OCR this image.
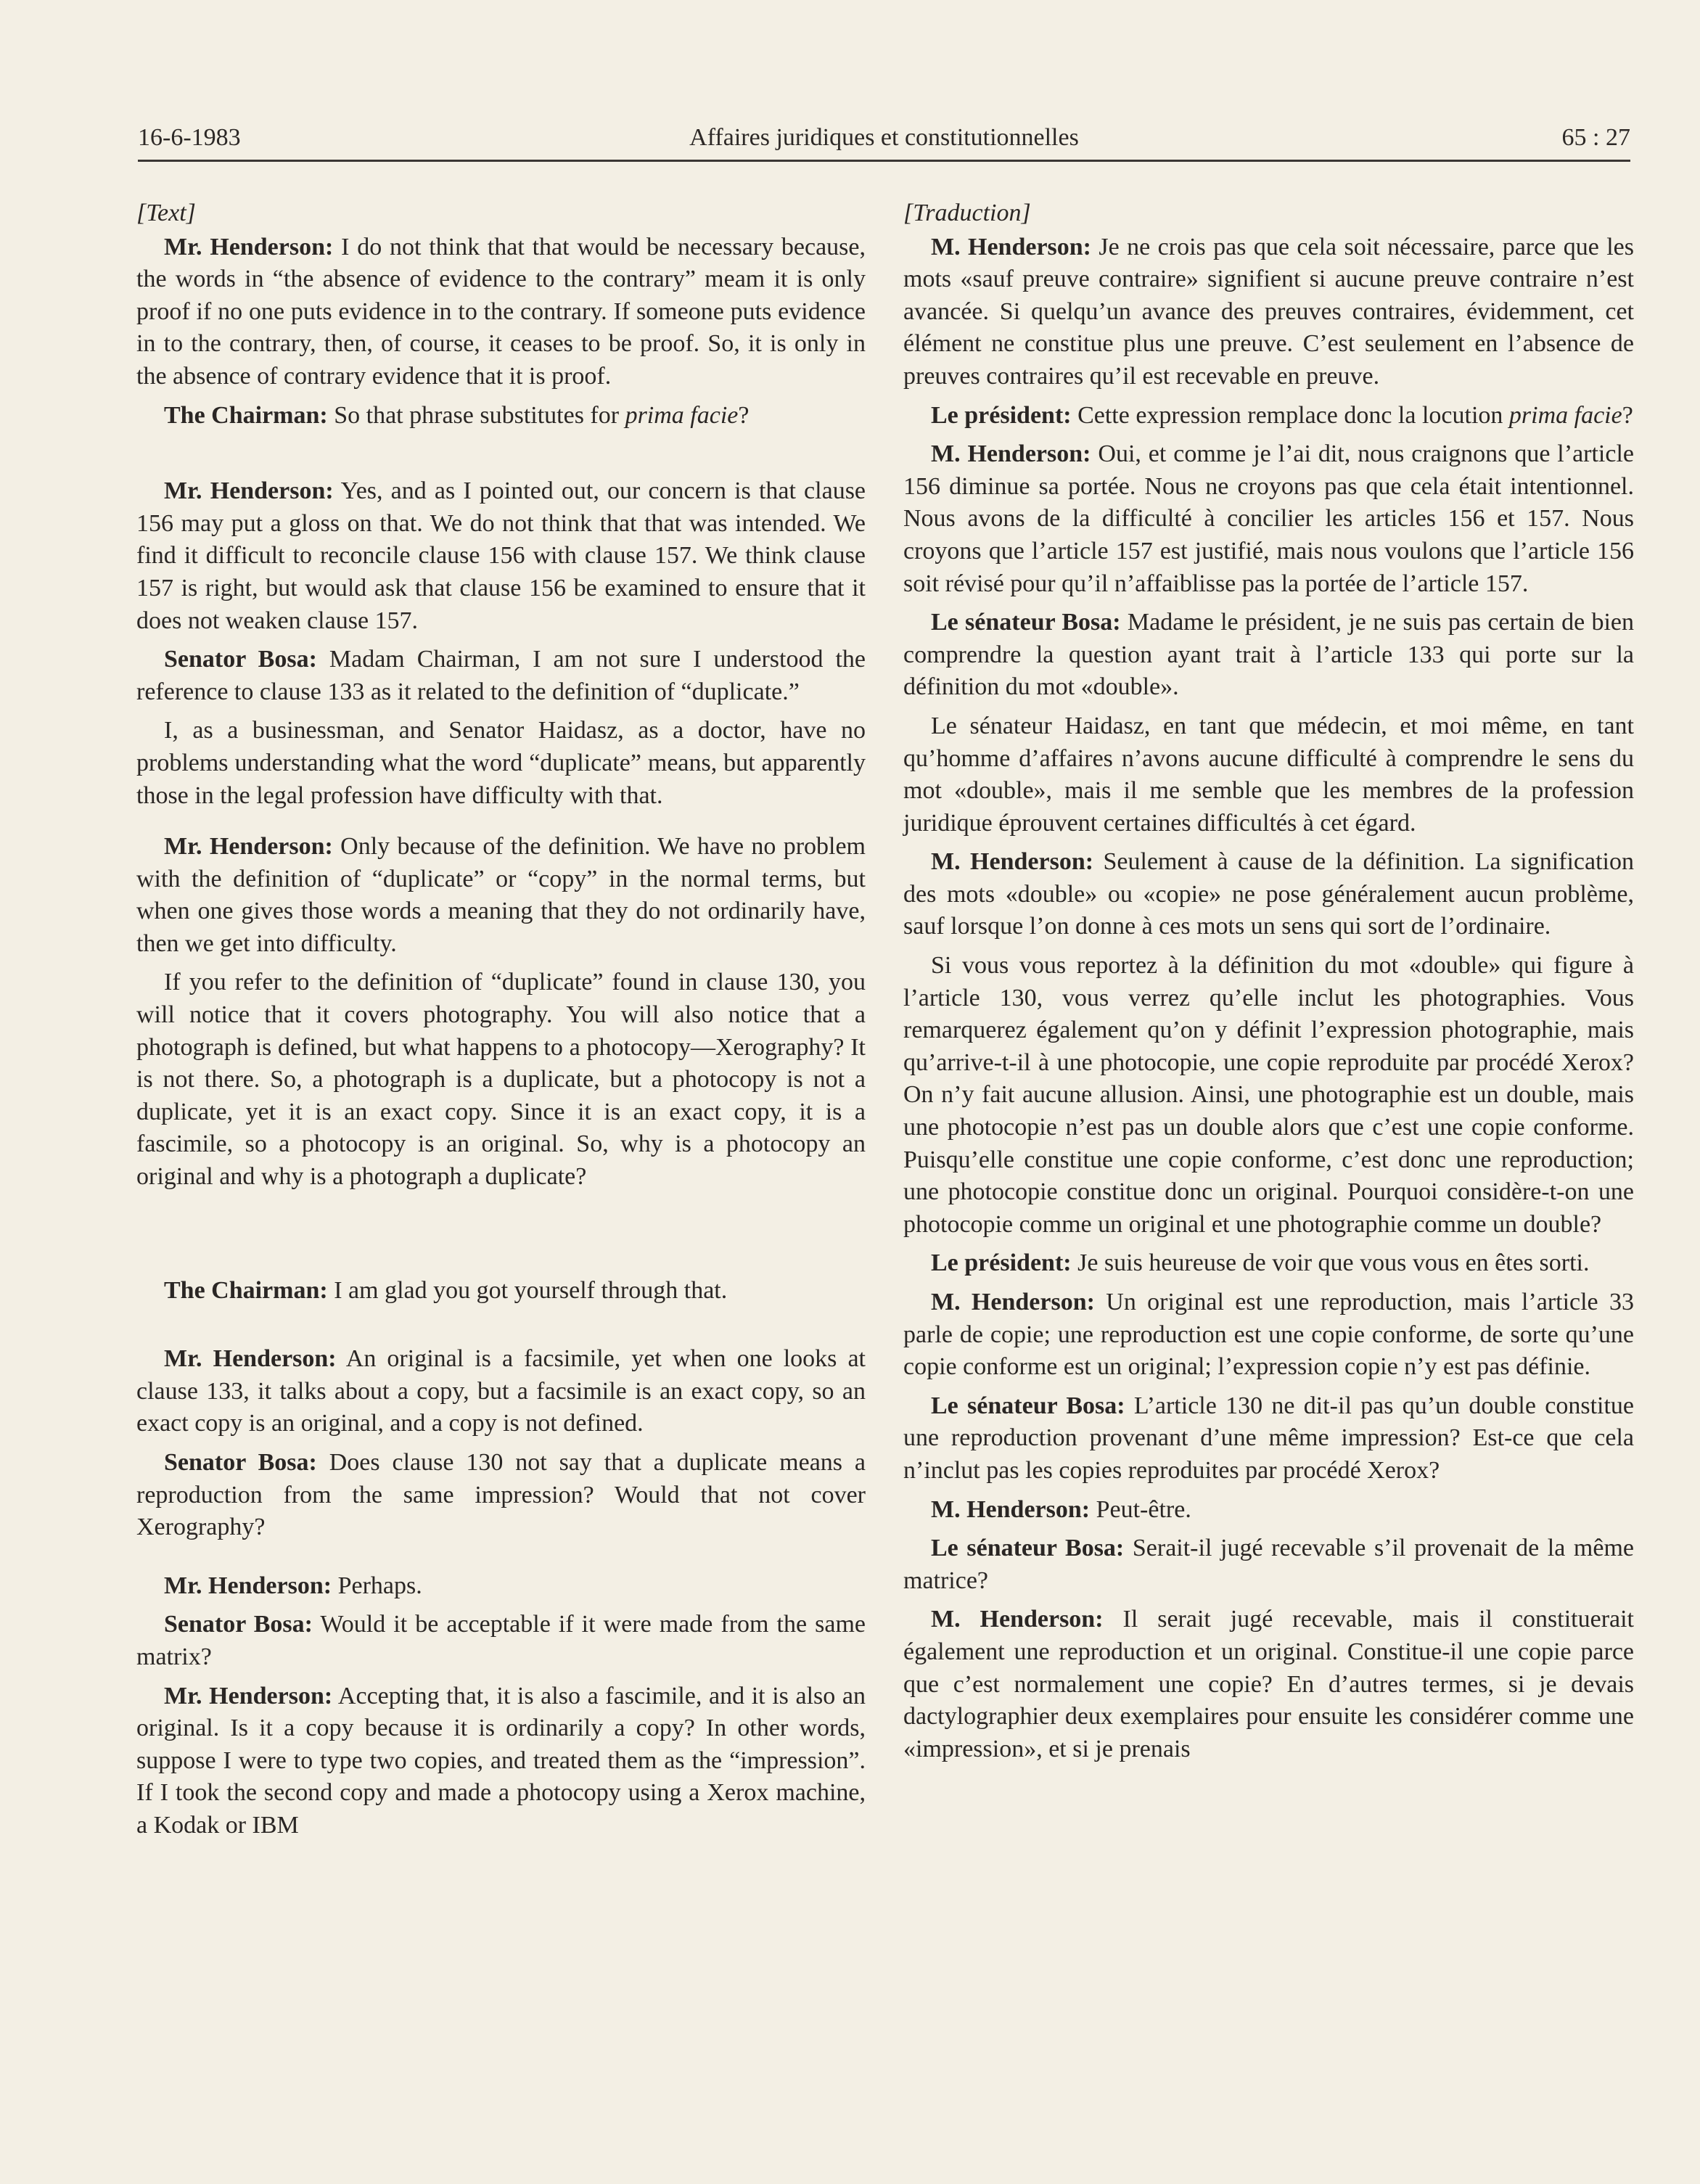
16-6-1983	Affaires juridiques et constitutionnelles	65 : 27

[Text]

Mr. Henderson: I do not think that that would be necessary because, the words in “the absence of evidence to the contrary” meam it is only proof if no one puts evidence in to the contrary. If someone puts evidence in to the contrary, then, of course, it ceases to be proof. So, it is only in the absence of contrary evidence that it is proof.

The Chairman: So that phrase substitutes for prima facie?

Mr. Henderson: Yes, and as I pointed out, our concern is that clause 156 may put a gloss on that. We do not think that that was intended. We find it difficult to reconcile clause 156 with clause 157. We think clause 157 is right, but would ask that clause 156 be examined to ensure that it does not weaken clause 157.

Senator Bosa: Madam Chairman, I am not sure I understood the reference to clause 133 as it related to the definition of “duplicate.”

I, as a businessman, and Senator Haidasz, as a doctor, have no problems understanding what the word “duplicate” means, but apparently those in the legal profession have difficulty with that.

Mr. Henderson: Only because of the definition. We have no problem with the definition of “duplicate” or “copy” in the normal terms, but when one gives those words a meaning that they do not ordinarily have, then we get into difficulty.

If you refer to the definition of “duplicate” found in clause 130, you will notice that it covers photography. You will also notice that a photograph is defined, but what happens to a photocopy—Xerography? It is not there. So, a photograph is a duplicate, but a photocopy is not a duplicate, yet it is an exact copy. Since it is an exact copy, it is a fascimile, so a photocopy is an original. So, why is a photocopy an original and why is a photograph a duplicate?

The Chairman: I am glad you got yourself through that.

Mr. Henderson: An original is a facsimile, yet when one looks at clause 133, it talks about a copy, but a facsimile is an exact copy, so an exact copy is an original, and a copy is not defined.

Senator Bosa: Does clause 130 not say that a duplicate means a reproduction from the same impression? Would that not cover Xerography?

Mr. Henderson: Perhaps.

Senator Bosa: Would it be acceptable if it were made from the same matrix?

Mr. Henderson: Accepting that, it is also a fascimile, and it is also an original. Is it a copy because it is ordinarily a copy? In other words, suppose I were to type two copies, and treated them as the “impression”. If I took the second copy and made a photocopy using a Xerox machine, a Kodak or IBM

[Traduction]

M. Henderson: Je ne crois pas que cela soit nécessaire, parce que les mots «sauf preuve contraire» signifient si aucune preuve contraire n’est avancée. Si quelqu’un avance des preuves contraires, évidemment, cet élément ne constitue plus une preuve. C’est seulement en l’absence de preuves contraires qu’il est recevable en preuve.

Le président: Cette expression remplace donc la locution prima facie?

M. Henderson: Oui, et comme je l’ai dit, nous craignons que l’article 156 diminue sa portée. Nous ne croyons pas que cela était intentionnel. Nous avons de la difficulté à concilier les articles 156 et 157. Nous croyons que l’article 157 est justifié, mais nous voulons que l’article 156 soit révisé pour qu’il n’affaiblisse pas la portée de l’article 157.

Le sénateur Bosa: Madame le président, je ne suis pas certain de bien comprendre la question ayant trait à l’article 133 qui porte sur la définition du mot «double».

Le sénateur Haidasz, en tant que médecin, et moi même, en tant qu’homme d’affaires n’avons aucune difficulté à comprendre le sens du mot «double», mais il me semble que les membres de la profession juridique éprouvent certaines difficultés à cet égard.

M. Henderson: Seulement à cause de la définition. La signification des mots «double» ou «copie» ne pose généralement aucun problème, sauf lorsque l’on donne à ces mots un sens qui sort de l’ordinaire.

Si vous vous reportez à la définition du mot «double» qui figure à l’article 130, vous verrez qu’elle inclut les photographies. Vous remarquerez également qu’on y définit l’expression photographie, mais qu’arrive-t-il à une photocopie, une copie reproduite par procédé Xerox? On n’y fait aucune allusion. Ainsi, une photographie est un double, mais une photocopie n’est pas un double alors que c’est une copie conforme. Puisqu’elle constitue une copie conforme, c’est donc une reproduction; une photocopie constitue donc un original. Pourquoi considère-t-on une photocopie comme un original et une photographie comme un double?

Le président: Je suis heureuse de voir que vous vous en êtes sorti.

M. Henderson: Un original est une reproduction, mais l’article 33 parle de copie; une reproduction est une copie conforme, de sorte qu’une copie conforme est un original; l’expression copie n’y est pas définie.

Le sénateur Bosa: L’article 130 ne dit-il pas qu’un double constitue une reproduction provenant d’une même impression? Est-ce que cela n’inclut pas les copies reproduites par procédé Xerox?

M. Henderson: Peut-être.

Le sénateur Bosa: Serait-il jugé recevable s’il provenait de la même matrice?

M. Henderson: Il serait jugé recevable, mais il constituerait également une reproduction et un original. Constitue-il une copie parce que c’est normalement une copie? En d’autres termes, si je devais dactylographier deux exemplaires pour ensuite les considérer comme une «impression», et si je prenais
